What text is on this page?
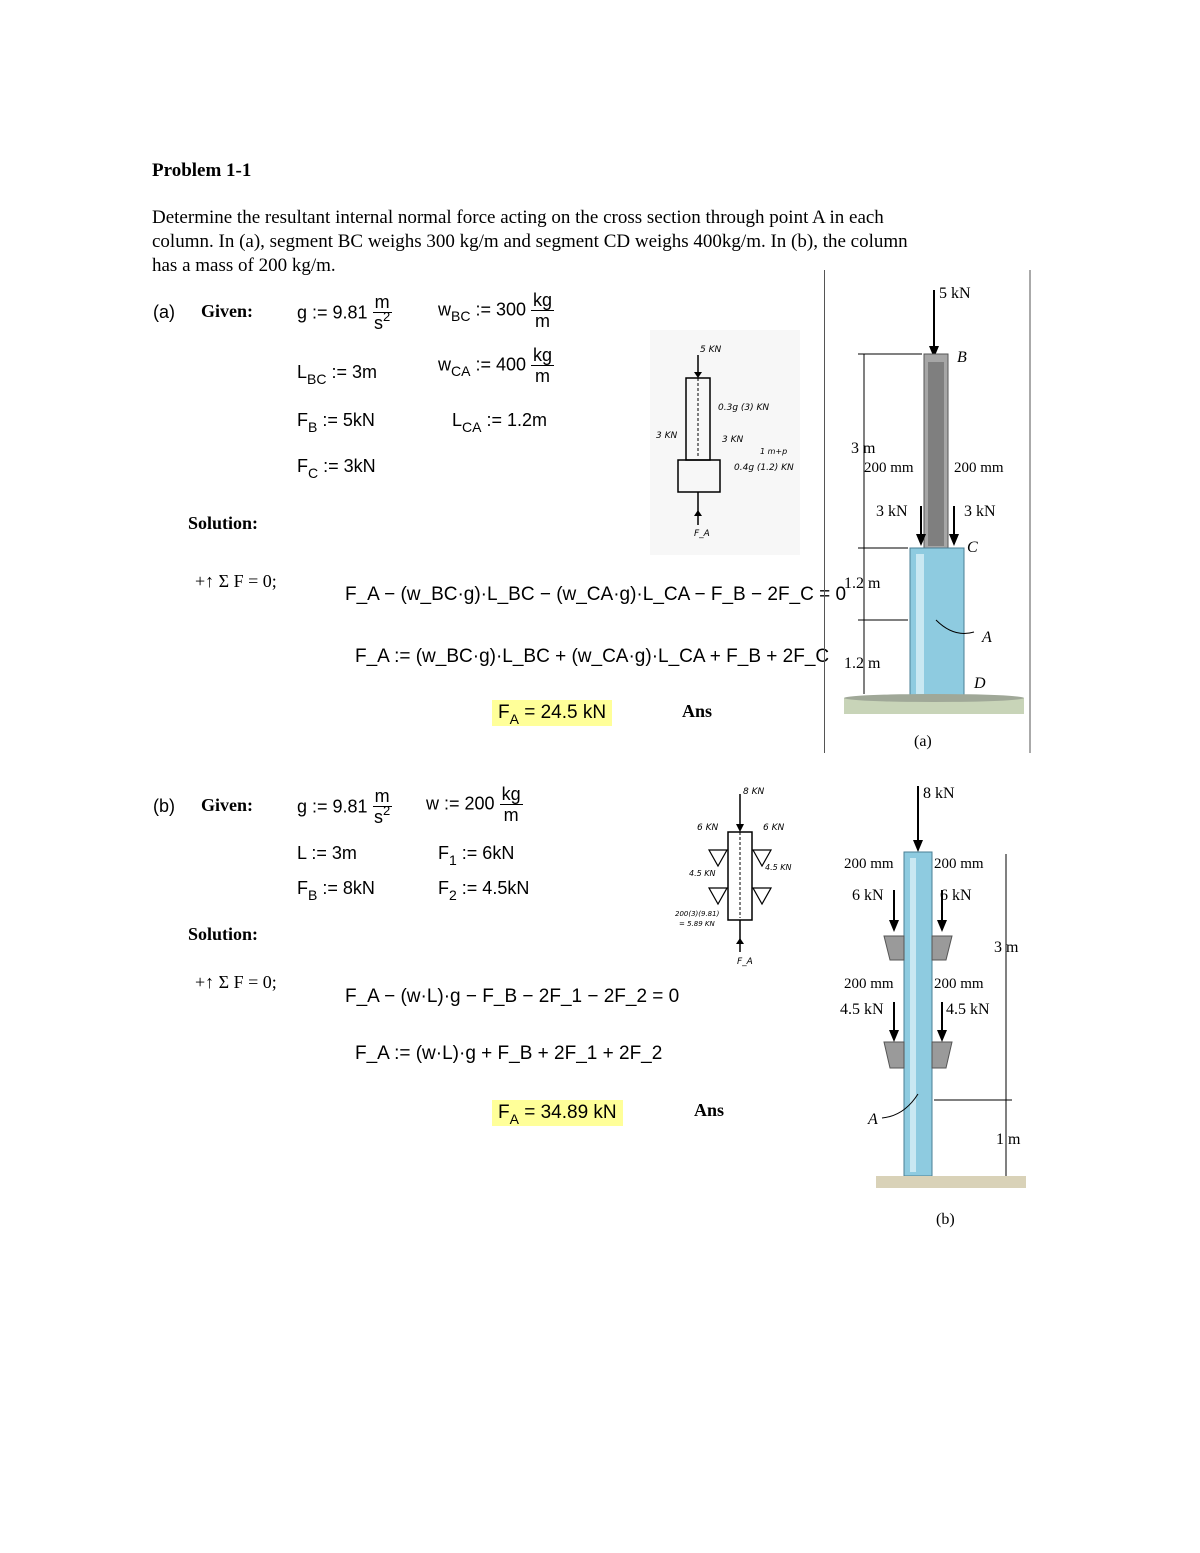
Problem 1-1
Determine the resultant internal normal force acting on the cross section through point A in each
column. In (a), segment BC weighs 300 kg/m and segment CD weighs 400kg/m. In (b), the column
has a mass of 200 kg/m.
(a) Given: g := $9.81 \frac{m}{s^2}$	$w_{BC}$ := $300 \frac{kg}{m}$
$L_{BC}$ := 3m	$w_{CA}$ := $400 \frac{kg}{m}$
$F_B$ := 5kN	$L_{CA}$ := 1.2m
$F_C$ := 3kN
Solution:
+↑ Σ F = 0;
F_A − (w_BC·g)·L_BC − (w_CA·g)·L_CA − F_B − 2F_C = 0
F_A := (w_BC·g)·L_BC + (w_CA·g)·L_CA + F_B + 2F_C
$F_A = 24.5$ kN	Ans
5 KN
0.3g (3) KN
3 KN
3 KN
1 m+p
0.4g (1.2) KN
F_A
5 kN
B
3 m
200 mm	200 mm
3 kN	3 kN
C
1.2 m
A
1.2 m
D
(a)
(b) Given: g := $9.81 \frac{m}{s^2}$ w := $200 \frac{kg}{m}$
L := 3m	$F_1$ := 6kN
$F_B$ := 8kN	$F_2$ := 4.5kN
Solution:
+↑ Σ F = 0;
F_A − (w·L)·g − F_B − 2F_1 − 2F_2 = 0
F_A := (w·L)·g + F_B + 2F_1 + 2F_2
$F_A = 34.89$ kN	Ans
8 KN
6 KN	6 KN
4.5 KN
4.5 KN
200(3)(9.81)
= 5.89 KN
F_A
8 kN
200 mm	200 mm
6 kN	6 kN
3 m
200 mm	200 mm
4.5 kN	4.5 kN
A
1 m
(b)
